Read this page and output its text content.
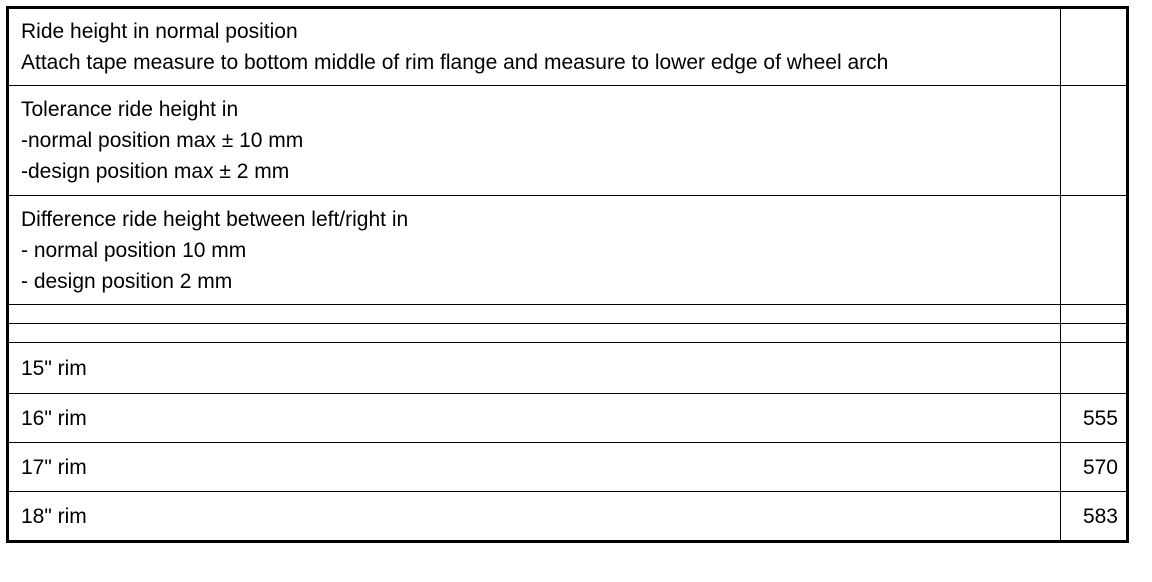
Ride height in normal position
Attach tape measure to bottom middle of rim flange and measure to lower edge of wheel arch	

Tolerance ride height in
-normal position max ± 10 mm
-design position max ± 2 mm	

Difference ride height between left/right in
- normal position 10 mm
- design position 2 mm	

15" rim	
16" rim	555
17" rim	570
18" rim	583
